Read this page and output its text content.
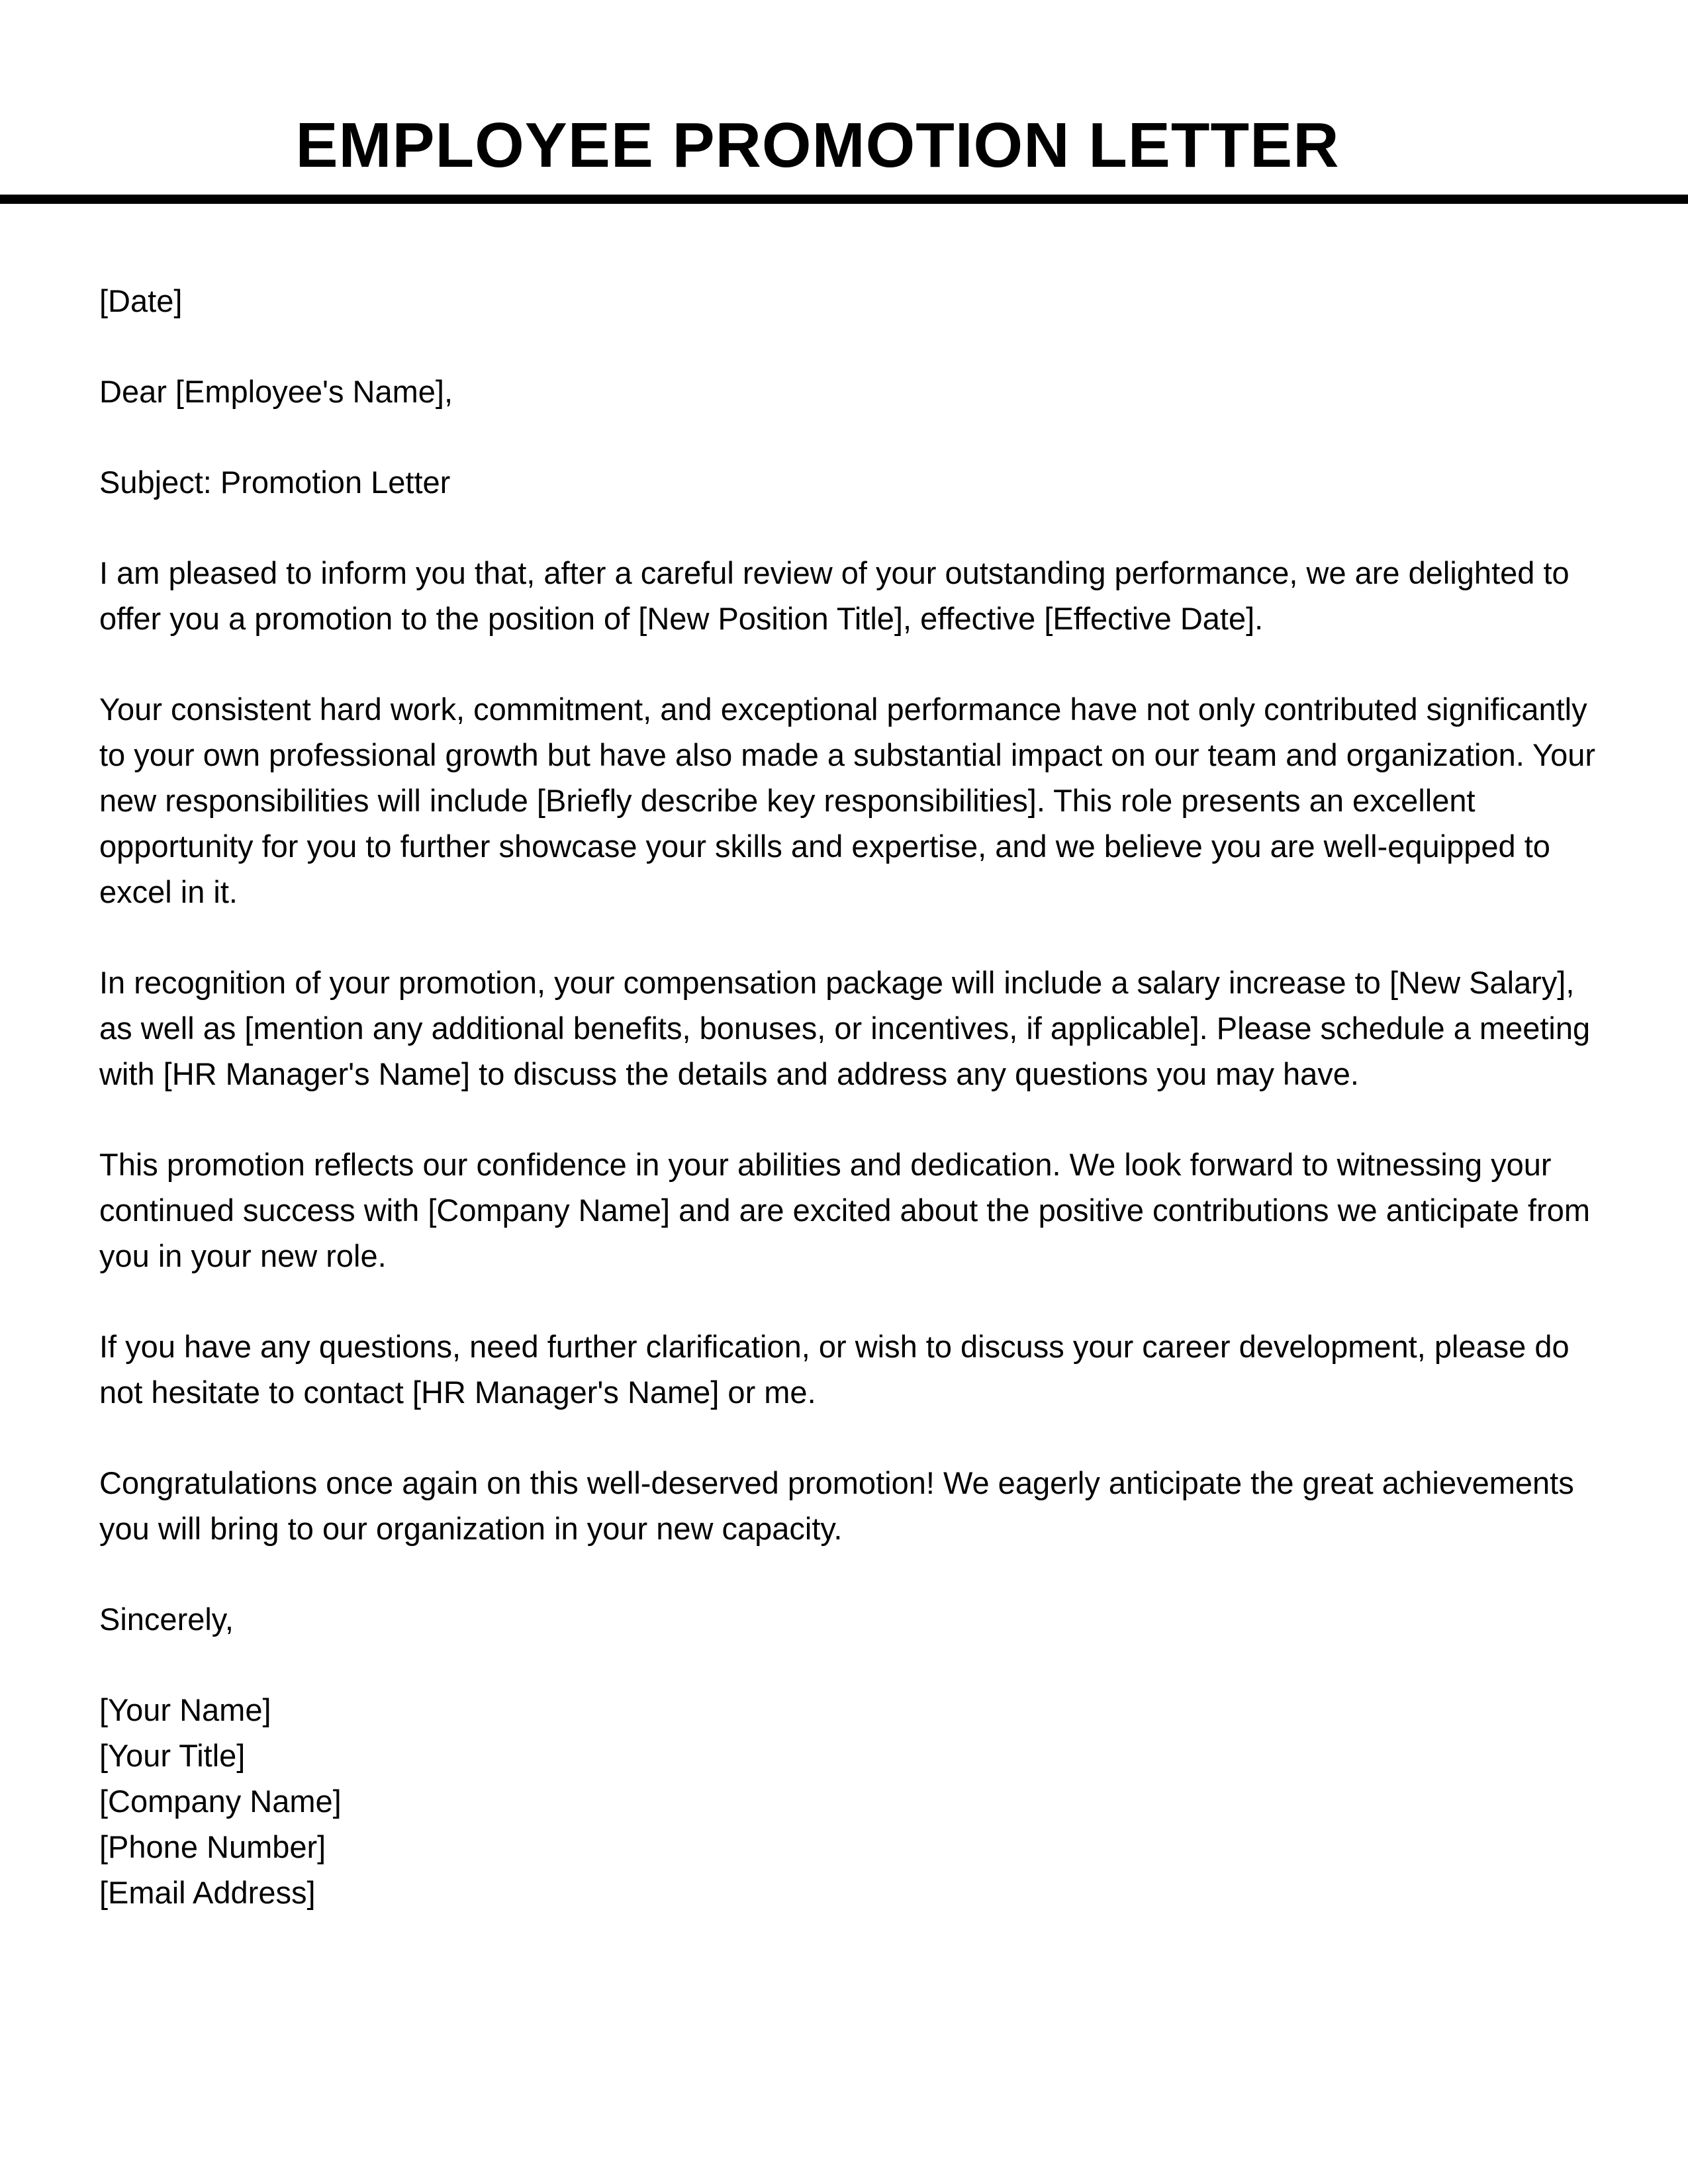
EMPLOYEE PROMOTION LETTER

[Date]

Dear [Employee's Name],

Subject: Promotion Letter

I am pleased to inform you that, after a careful review of your outstanding performance, we are delighted to offer you a promotion to the position of [New Position Title], effective [Effective Date].

Your consistent hard work, commitment, and exceptional performance have not only contributed significantly to your own professional growth but have also made a substantial impact on our team and organization. Your new responsibilities will include [Briefly describe key responsibilities]. This role presents an excellent opportunity for you to further showcase your skills and expertise, and we believe you are well-equipped to excel in it.

In recognition of your promotion, your compensation package will include a salary increase to [New Salary], as well as [mention any additional benefits, bonuses, or incentives, if applicable]. Please schedule a meeting with [HR Manager's Name] to discuss the details and address any questions you may have.

This promotion reflects our confidence in your abilities and dedication. We look forward to witnessing your continued success with [Company Name] and are excited about the positive contributions we anticipate from you in your new role.

If you have any questions, need further clarification, or wish to discuss your career development, please do not hesitate to contact [HR Manager's Name] or me.

Congratulations once again on this well-deserved promotion! We eagerly anticipate the great achievements you will bring to our organization in your new capacity.

Sincerely,

[Your Name]

[Your Title]

[Company Name]

[Phone Number]

[Email Address]
